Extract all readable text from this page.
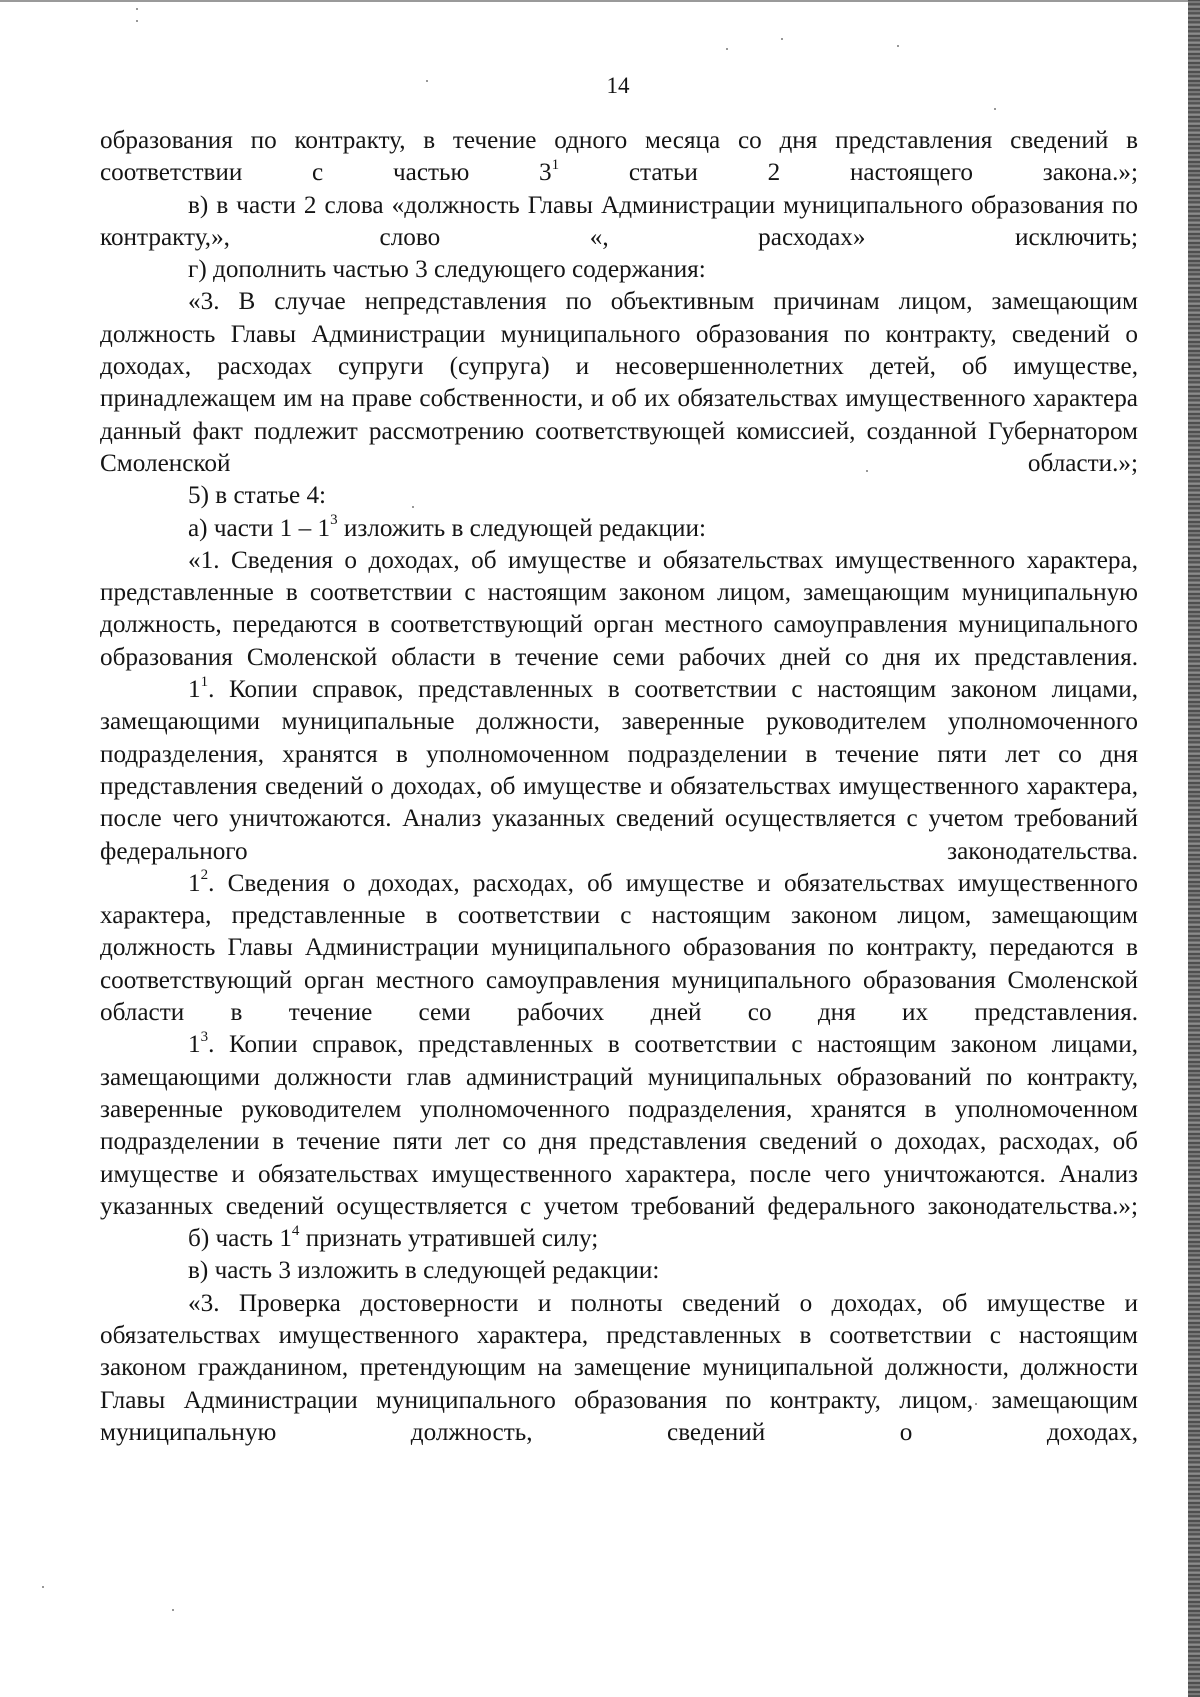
14

образования по контракту, в течение одного месяца со дня представления сведений в соответствии с частью $3^1$ статьи 2 настоящего закона.»;

в) в части 2 слова «должность Главы Администрации муниципального образования по контракту,», слово «, расходах» исключить;

г) дополнить частью 3 следующего содержания:

«3. В случае непредставления по объективным причинам лицом, замещающим должность Главы Администрации муниципального образования по контракту, сведений о доходах, расходах супруги (супруга) и несовершеннолетних детей, об имуществе, принадлежащем им на праве собственности, и об их обязательствах имущественного характера данный факт подлежит рассмотрению соответствующей комиссией, созданной Губернатором Смоленской области.»;

5) в статье 4:

а) части $1 - 1^3$ изложить в следующей редакции:

«1. Сведения о доходах, об имуществе и обязательствах имущественного характера, представленные в соответствии с настоящим законом лицом, замещающим муниципальную должность, передаются в соответствующий орган местного самоуправления муниципального образования Смоленской области в течение семи рабочих дней со дня их представления.

$1^1$. Копии справок, представленных в соответствии с настоящим законом лицами, замещающими муниципальные должности, заверенные руководителем уполномоченного подразделения, хранятся в уполномоченном подразделении в течение пяти лет со дня представления сведений о доходах, об имуществе и обязательствах имущественного характера, после чего уничтожаются. Анализ указанных сведений осуществляется с учетом требований федерального законодательства.

$1^2$. Сведения о доходах, расходах, об имуществе и обязательствах имущественного характера, представленные в соответствии с настоящим законом лицом, замещающим должность Главы Администрации муниципального образования по контракту, передаются в соответствующий орган местного самоуправления муниципального образования Смоленской области в течение семи рабочих дней со дня их представления.

$1^3$. Копии справок, представленных в соответствии с настоящим законом лицами, замещающими должности глав администраций муниципальных образований по контракту, заверенные руководителем уполномоченного подразделения, хранятся в уполномоченном подразделении в течение пяти лет со дня представления сведений о доходах, расходах, об имуществе и обязательствах имущественного характера, после чего уничтожаются. Анализ указанных сведений осуществляется с учетом требований федерального законодательства.»;

б) часть $1^4$ признать утратившей силу;

в) часть 3 изложить в следующей редакции:

«3. Проверка достоверности и полноты сведений о доходах, об имуществе и обязательствах имущественного характера, представленных в соответствии с настоящим законом гражданином, претендующим на замещение муниципальной должности, должности Главы Администрации муниципального образования по контракту, лицом, замещающим муниципальную должность, сведений о доходах,
